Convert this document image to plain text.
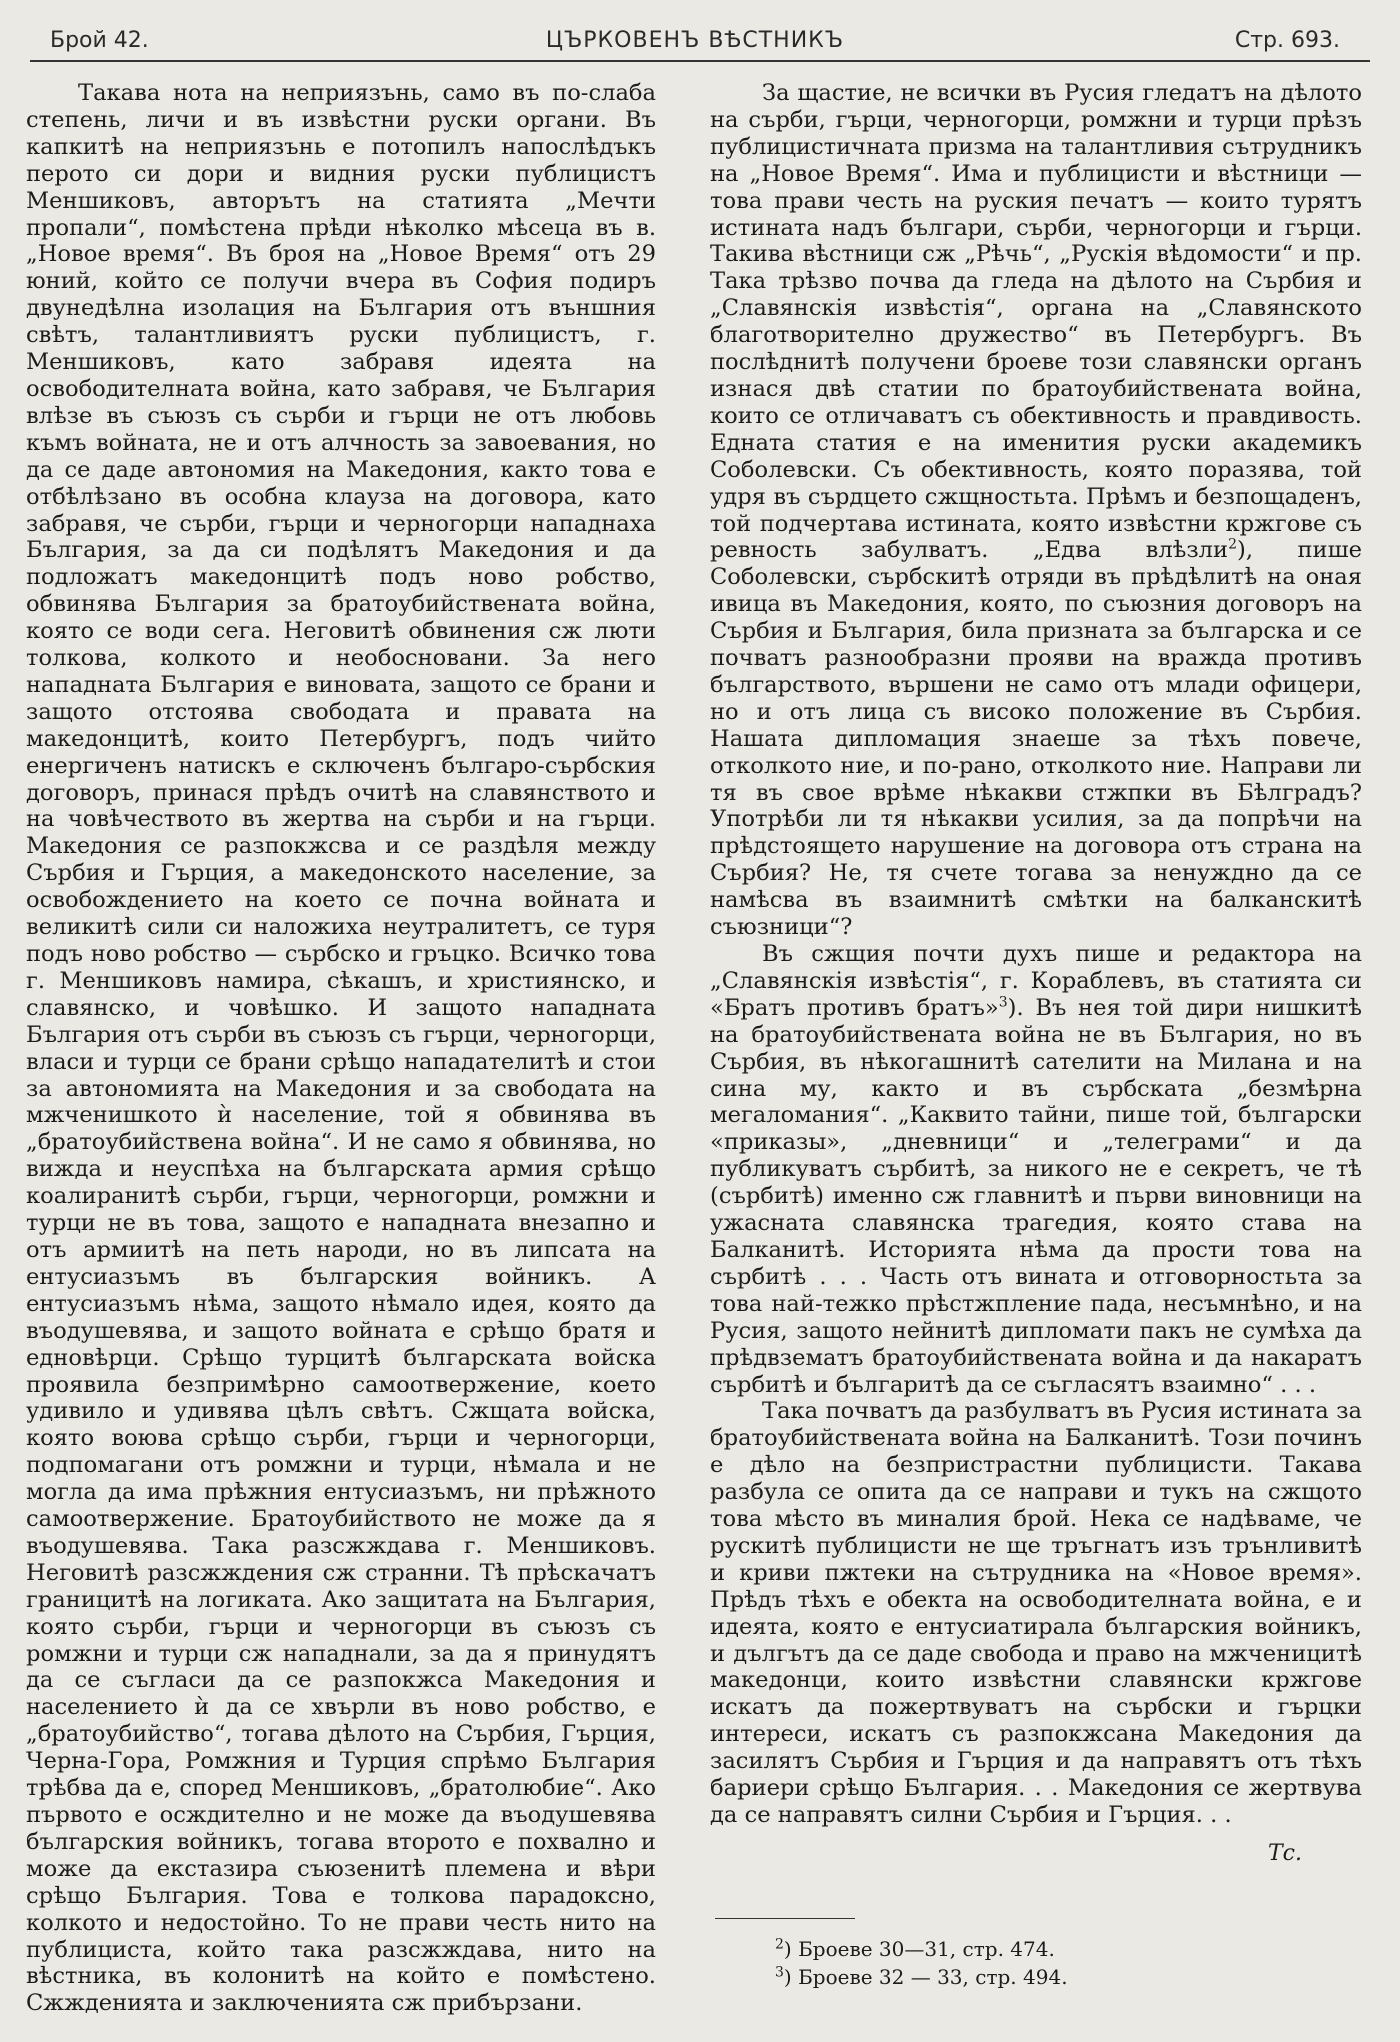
Брой 42.	ЦЪРКОВЕНЪ ВѢСТНИКЪ	Стр. 693.

Такава нота на неприязънь, само въ по-слаба степень, личи и въ извѣстни руски органи. Въ капкитѣ на неприязънь е потопилъ напослѣдъкъ перото си дори и видния руски публицистъ Меншиковъ, авторътъ на статията „Мечти пропали“, помѣстена прѣди нѣколко мѣсеца въ в. „Новое время“. Въ броя на „Новое Время“ отъ 29 юний, който се получи вчера въ София подиръ двунедѣлна изолация на България отъ външния свѣтъ, талантливиятъ руски публицистъ, г. Меншиковъ, като забравя идеята на освободителната война, като забравя, че България влѣзе въ съюзъ съ сърби и гърци не отъ любовь къмъ войната, не и отъ алчность за завоевания, но да се даде автономия на Македония, както това е отбѣлѣзано въ особна клаузa на договора, като забравя, че сърби, гърци и черногорци нападнаха България, за да си подѣлятъ Македония и да подложатъ македонцитѣ подъ ново робство, обвинява България за братоубийствената война, която се води сега. Неговитѣ обвинения сж люти толкова, колкото и необосновани. За него нападната България е виновата, защото се брани и защото отстоява свободата и правата на македонцитѣ, които Петербургъ, подъ чийто енергиченъ натискъ е сключенъ българо-сърбския договоръ, принася прѣдъ очитѣ на славянството и на човѣчеството въ жертва на сърби и на гърци. Македония се разпокжсва и се раздѣля между Сърбия и Гърция, а македонското население, за освобождението на което се почна войната и великитѣ сили си наложиха неутралитетъ, се туря подъ ново робство — сърбско и гръцко. Всичко това г. Меншиковъ намира, сѣкашъ, и християнско, и славянско, и човѣшко. И защото нападната България отъ сърби въ съюзъ съ гърци, черногорци, власи и турци се брани срѣщо нападателитѣ и стои за автономията на Македония и за свободата на мжченишкото ѝ население, той я обвинява въ „братоубийствена война“. И не само я обвинява, но вижда и неуспѣха на българската армия срѣщо коалиранитѣ сърби, гърци, черногорци, ромжни и турци не въ това, защото е нападната внезапно и отъ армиитѣ на петь народи, но въ липсата на ентусиазъмъ въ българския войникъ. А ентусиазъмъ нѣма, защото нѣмало идея, която да въодушевява, и защото войната е срѣщо братя и едновѣрци. Срѣщо турцитѣ българската войска проявила безпримѣрно самоотвержение, което удивило и удивява цѣлъ свѣтъ. Сжщата войска, която воюва срѣщо сърби, гърци и черногорци, подпомагани отъ ромжни и турци, нѣмала и не могла да има прѣжния ентусиазъмъ, ни прѣжното самоотвержение. Братоубийството не може да я въодушевява. Така разсжждава г. Меншиковъ. Неговитѣ разсжждения сж странни. Тѣ прѣскачатъ границитѣ на логиката. Ако защитата на България, която сърби, гърци и черногорци въ съюзъ съ ромжни и турци сж нападнали, за да я принудятъ да се съгласи да се разпокжса Македония и населението ѝ да се хвърли въ ново робство, е „братоубийство“, тогава дѣлото на Сърбия, Гърция, Черна-Гора, Ромжния и Турция спрѣмо България трѣбва да е, според Меншиковъ, „братолюбие“. Ако първото е осждително и не може да въодушевява българския войникъ, тогава второто е похвално и може да екстазира съюзенитѣ племена и вѣри срѣщо България. Това е толкова парадоксно, колкото и недостойно. То не прави честь нито на публициста, който така разсжждава, нито на вѣстника, въ колонитѣ на който е помѣстено. Сжжденията и заключенията сж прибързани.

За щастие, не всички въ Русия гледатъ на дѣлото на сърби, гърци, черногорци, ромжни и турци прѣзъ публицистичната призма на талантливия сътрудникъ на „Новое Время“. Има и публицисти и вѣстници — това прави честь на руския печатъ — които турятъ истината надъ българи, сърби, черногорци и гърци. Такива вѣстници сж „Рѣчь“, „Рускія вѣдомости“ и пр. Така трѣзво почва да гледа на дѣлото на Сърбия и „Славянскія извѣстія“, органа на „Славянското благотворително дружество“ въ Петербургъ. Въ послѣднитѣ получени броеве този славянски органъ изнася двѣ статии по братоубийствената война, които се отличаватъ съ обективность и правдивость. Едната статия е на именития руски академикъ Соболевски. Съ обективность, която поразява, той удря въ сърдцето сжщностьта. Прѣмъ и безпощаденъ, той подчертава истината, която извѣстни кржгове съ ревность забулватъ. „Едва влѣзли$^2$), пише Соболевски, сърбскитѣ отряди въ прѣдѣлитѣ на оная ивица въ Македония, която, по съюзния договоръ на Сърбия и България, била призната за българска и се почватъ разнообразни прояви на вражда противъ българството, вършени не само отъ млади офицери, но и отъ лица съ високо положение въ Сърбия. Нашата дипломация знаеше за тѣхъ повече, отколкото ние, и по-рано, отколкото ние. Направи ли тя въ свое врѣме нѣкакви стжпки въ Бѣлградъ? Употрѣби ли тя нѣкакви усилия, за да попрѣчи на прѣдстоящето нарушение на договора отъ страна на Сърбия? Не, тя счете тогава за ненуждно да се намѣсва въ взаимнитѣ смѣтки на балканскитѣ съюзници“?

Въ сжщия почти духъ пише и редактора на „Славянскія извѣстія“, г. Кораблевъ, въ статията си «Братъ противъ братъ»$^3$). Въ нея той дири нишкитѣ на братоубийствената война не въ България, но въ Сърбия, въ нѣкогашнитѣ сателити на Милана и на сина му, както и въ сърбската „безмѣрна мегаломания“. „Каквито тайни, пише той, български «приказы», „дневници“ и „телеграми“ и да публикуватъ сърбитѣ, за никого не е секретъ, че тѣ (сърбитѣ) именно сж главнитѣ и първи виновници на ужасната славянска трагедия, която става на Балканитѣ. Историята нѣма да прости това на сърбитѣ . . . Часть отъ вината и отговорностьта за това най-тежко прѣстжпление пада, несъмнѣно, и на Русия, защото нейнитѣ дипломати пакъ не сумѣха да прѣдвзематъ братоубийствената война и да накаратъ сърбитѣ и българитѣ да се съгласятъ взаимно“ . . .

Така почватъ да разбулватъ въ Русия истината за братоубийствената война на Балканитѣ. Този починъ е дѣло на безпристрастни публицисти. Такава разбула се опита да се направи и тукъ на сжщото това мѣсто въ миналия брой. Нека се надѣваме, че рускитѣ публицисти не ще тръгнатъ изъ трънливитѣ и криви пжтеки на сътрудника на «Новое время». Прѣдъ тѣхъ е обекта на освободителната война, е и идеята, която е ентусиатирала българския войникъ, и дългътъ да се даде свобода и право на мжченицитѣ македонци, които извѣстни славянски кржгове искатъ да пожертвуватъ на сърбски и гърцки интереси, искатъ съ разпокжсана Македония да засилятъ Сърбия и Гърция и да направятъ отъ тѣхъ бариери срѣщо България. . . Македония се жертвува да се направятъ силни Сърбия и Гърция. . .

Тс.
$^2$) Броеве 30—31, стр. 474.
$^3$) Броеве 32 — 33, стр. 494.
